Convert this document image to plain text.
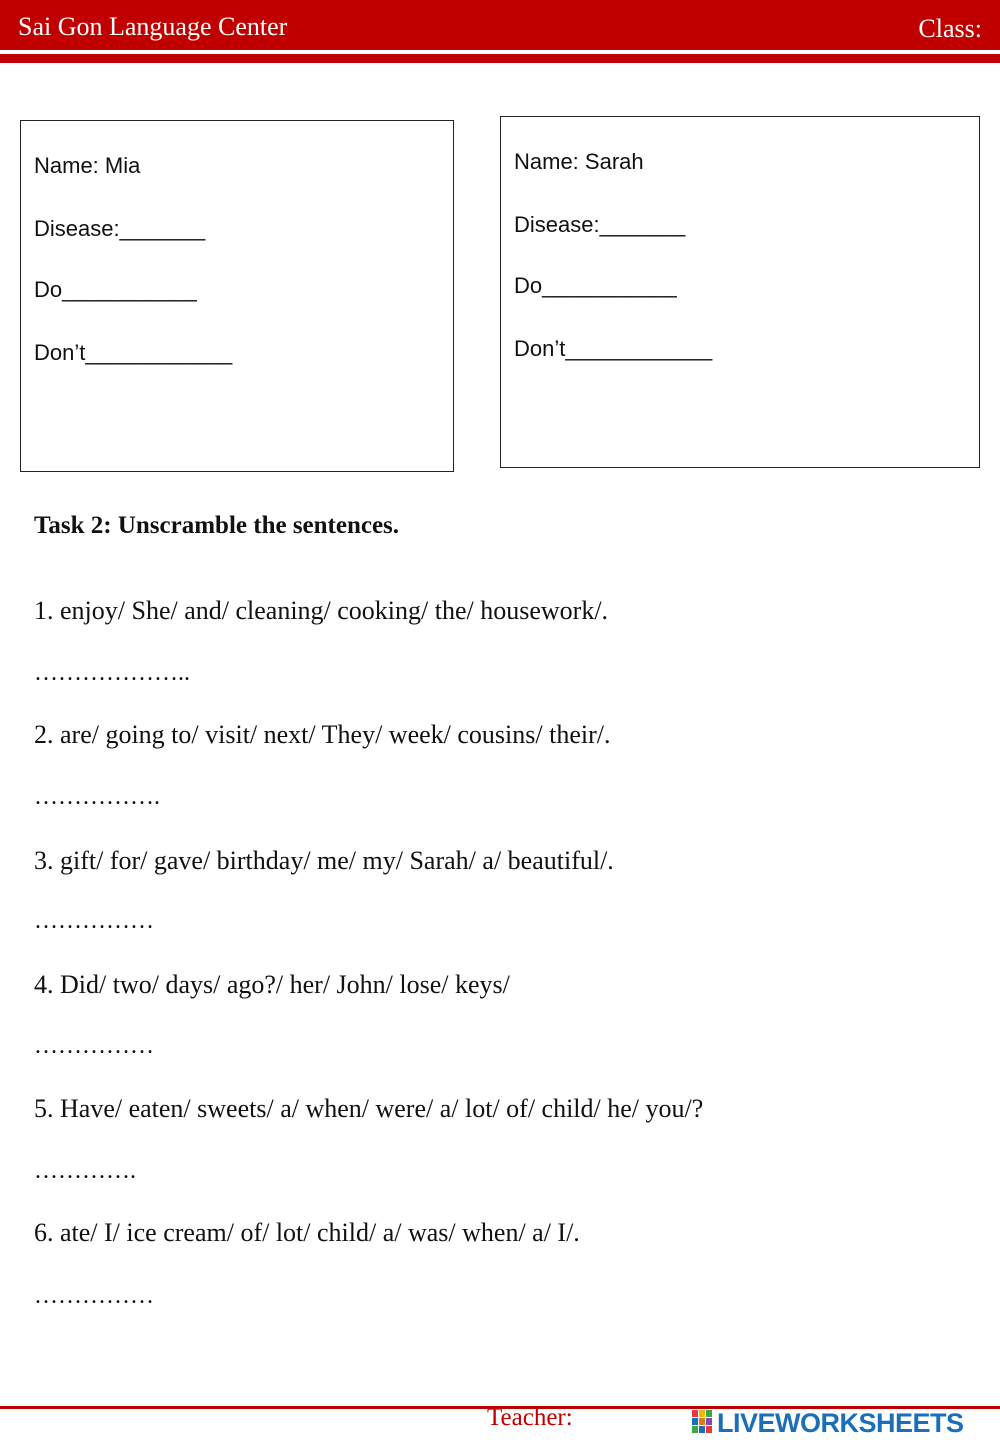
Sai Gon Language Center	Class:
Name: Mia
Disease:_______
Do___________
Don’t____________
Name: Sarah
Disease:_______
Do___________
Don’t____________
Task 2: Unscramble the sentences.
1. enjoy/ She/ and/ cleaning/ cooking/ the/ housework/.
………………..
2. are/ going to/ visit/ next/ They/ week/ cousins/ their/.
…………….
3. gift/ for/ gave/ birthday/ me/ my/ Sarah/ a/ beautiful/.
……………
4. Did/ two/ days/ ago?/ her/ John/ lose/ keys/
……………
5. Have/ eaten/ sweets/ a/ when/ were/ a/ lot/ of/ child/ he/ you/?
………….
6. ate/ I/ ice cream/ of/ lot/ child/ a/ was/ when/ a/ I/.
……………
Teacher:	LIVEWORKSHEETS
